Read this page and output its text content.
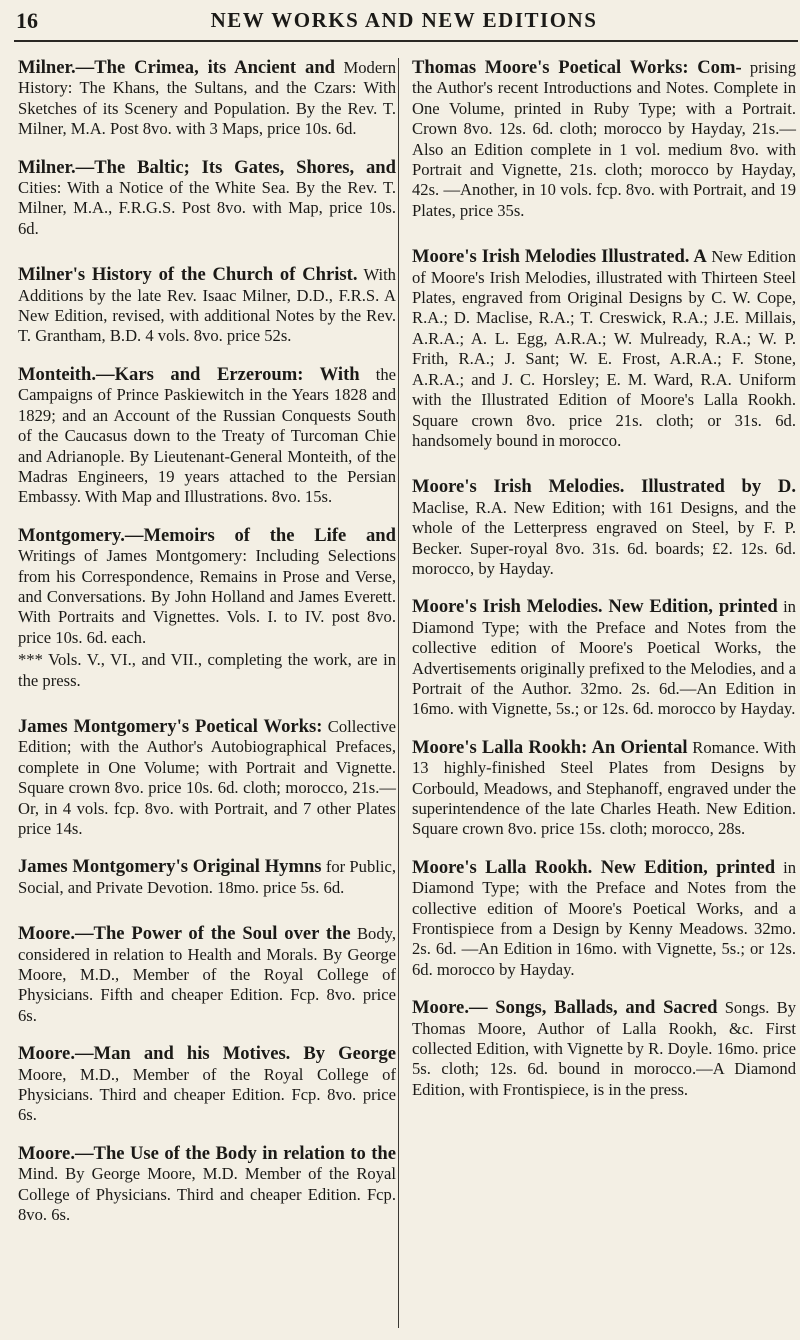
16	NEW WORKS AND NEW EDITIONS

Milner.—The Crimea, its Ancient and Modern History: The Khans, the Sultans, and the Czars: With Sketches of its Scenery and Population. By the Rev. T. Milner, M.A. Post 8vo. with 3 Maps, price 10s. 6d.

Milner.—The Baltic; Its Gates, Shores, and Cities: With a Notice of the White Sea. By the Rev. T. Milner, M.A., F.R.G.S. Post 8vo. with Map, price 10s. 6d.

Milner's History of the Church of Christ. With Additions by the late Rev. Isaac Milner, D.D., F.R.S. A New Edition, revised, with additional Notes by the Rev. T. Grantham, B.D. 4 vols. 8vo. price 52s.

Monteith.—Kars and Erzeroum: With the Campaigns of Prince Paskiewitch in the Years 1828 and 1829; and an Account of the Russian Conquests South of the Caucasus down to the Treaty of Turcoman Chie and Adrianople. By Lieutenant-General Monteith, of the Madras Engineers, 19 years attached to the Persian Embassy. With Map and Illustrations. 8vo. 15s.

Montgomery.—Memoirs of the Life and Writings of James Montgomery: Including Selections from his Correspondence, Remains in Prose and Verse, and Conversations. By John Holland and James Everett. With Portraits and Vignettes. Vols. I. to IV. post 8vo. price 10s. 6d. each.

*** Vols. V., VI., and VII., completing the work, are in the press.

James Montgomery's Poetical Works: Collective Edition; with the Author's Autobiographical Prefaces, complete in One Volume; with Portrait and Vignette. Square crown 8vo. price 10s. 6d. cloth; morocco, 21s.—Or, in 4 vols. fcp. 8vo. with Portrait, and 7 other Plates price 14s.

James Montgomery's Original Hymns for Public, Social, and Private Devotion. 18mo. price 5s. 6d.

Moore.—The Power of the Soul over the Body, considered in relation to Health and Morals. By George Moore, M.D., Member of the Royal College of Physicians. Fifth and cheaper Edition. Fcp. 8vo. price 6s.

Moore.—Man and his Motives. By George Moore, M.D., Member of the Royal College of Physicians. Third and cheaper Edition. Fcp. 8vo. price 6s.

Moore.—The Use of the Body in relation to the Mind. By George Moore, M.D. Member of the Royal College of Physicians. Third and cheaper Edition. Fcp. 8vo. 6s.

Thomas Moore's Poetical Works: Com- prising the Author's recent Introductions and Notes. Complete in One Volume, printed in Ruby Type; with a Portrait. Crown 8vo. 12s. 6d. cloth; morocco by Hayday, 21s.—Also an Edition complete in 1 vol. medium 8vo. with Portrait and Vignette, 21s. cloth; morocco by Hayday, 42s. —Another, in 10 vols. fcp. 8vo. with Portrait, and 19 Plates, price 35s.

Moore's Irish Melodies Illustrated. A New Edition of Moore's Irish Melodies, illustrated with Thirteen Steel Plates, engraved from Original Designs by C. W. Cope, R.A.; D. Maclise, R.A.; T. Creswick, R.A.; J.E. Millais, A.R.A.; A. L. Egg, A.R.A.; W. Mulready, R.A.; W. P. Frith, R.A.; J. Sant; W. E. Frost, A.R.A.; F. Stone, A.R.A.; and J. C. Horsley; E. M. Ward, R.A. Uniform with the Illustrated Edition of Moore's Lalla Rookh. Square crown 8vo. price 21s. cloth; or 31s. 6d. handsomely bound in morocco.

Moore's Irish Melodies. Illustrated by D. Maclise, R.A. New Edition; with 161 Designs, and the whole of the Letterpress engraved on Steel, by F. P. Becker. Super-royal 8vo. 31s. 6d. boards; £2. 12s. 6d. morocco, by Hayday.

Moore's Irish Melodies. New Edition, printed in Diamond Type; with the Preface and Notes from the collective edition of Moore's Poetical Works, the Advertisements originally prefixed to the Melodies, and a Portrait of the Author. 32mo. 2s. 6d.—An Edition in 16mo. with Vignette, 5s.; or 12s. 6d. morocco by Hayday.

Moore's Lalla Rookh: An Oriental Romance. With 13 highly-finished Steel Plates from Designs by Corbould, Meadows, and Stephanoff, engraved under the superintendence of the late Charles Heath. New Edition. Square crown 8vo. price 15s. cloth; morocco, 28s.

Moore's Lalla Rookh. New Edition, printed in Diamond Type; with the Preface and Notes from the collective edition of Moore's Poetical Works, and a Frontispiece from a Design by Kenny Meadows. 32mo. 2s. 6d. —An Edition in 16mo. with Vignette, 5s.; or 12s. 6d. morocco by Hayday.

Moore.— Songs, Ballads, and Sacred Songs. By Thomas Moore, Author of Lalla Rookh, &c. First collected Edition, with Vignette by R. Doyle. 16mo. price 5s. cloth; 12s. 6d. bound in morocco.—A Diamond Edition, with Frontispiece, is in the press.
